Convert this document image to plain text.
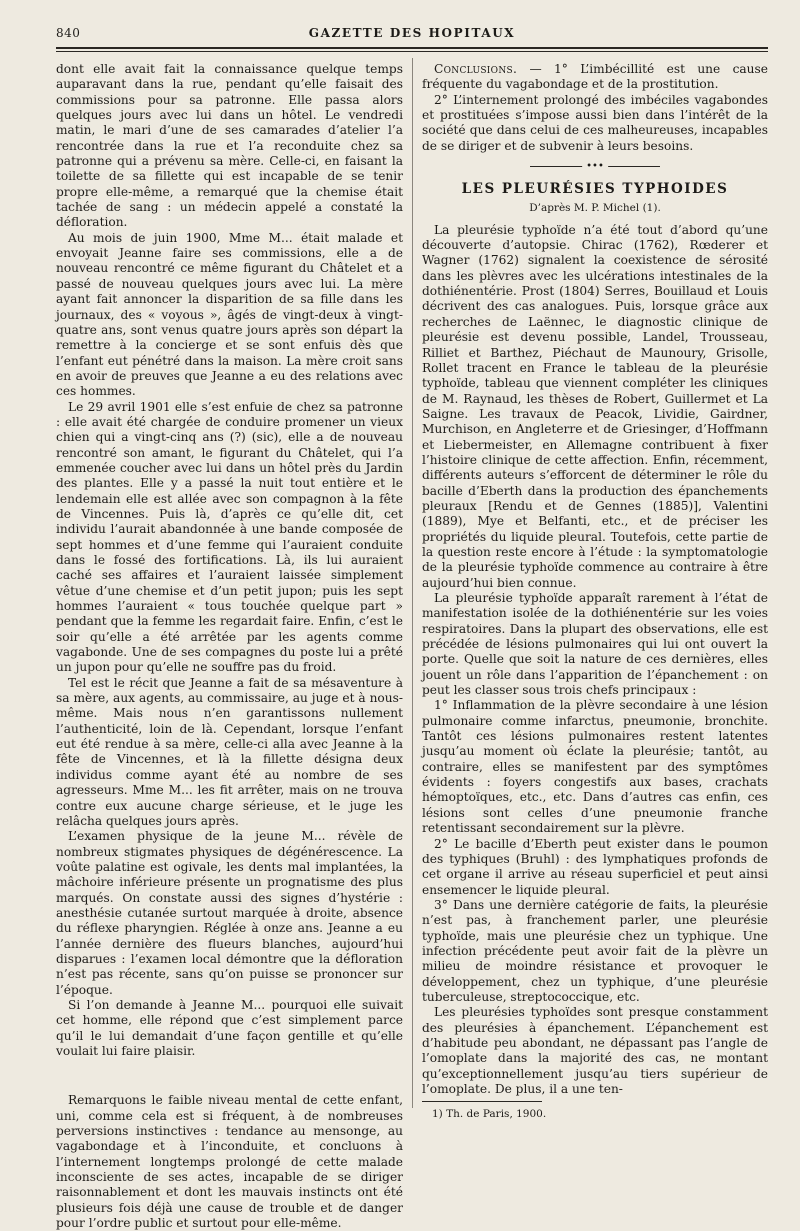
840	GAZETTE DES HOPITAUX

dont elle avait fait la connaissance quelque temps auparavant dans la rue, pendant qu’elle faisait des commissions pour sa patronne. Elle passa alors quelques jours avec lui dans un hôtel. Le vendredi matin, le mari d’une de ses camarades d’atelier l’a rencontrée dans la rue et l’a reconduite chez sa patronne qui a prévenu sa mère. Celle-ci, en faisant la toilette de sa fillette qui est incapable de se tenir propre elle-même, a remarqué que la chemise était tachée de sang : un médecin appelé a constaté la défloration.

Au mois de juin 1900, Mme M... était malade et envoyait Jeanne faire ses commissions, elle a de nouveau rencontré ce même figurant du Châtelet et a passé de nouveau quelques jours avec lui. La mère ayant fait annoncer la disparition de sa fille dans les journaux, des « voyous », âgés de vingt-deux à vingt-quatre ans, sont venus quatre jours après son départ la remettre à la concierge et se sont enfuis dès que l’enfant eut pénétré dans la maison. La mère croit sans en avoir de preuves que Jeanne a eu des relations avec ces hommes.

Le 29 avril 1901 elle s’est enfuie de chez sa patronne : elle avait été chargée de conduire promener un vieux chien qui a vingt-cinq ans (?) (sic), elle a de nouveau rencontré son amant, le figurant du Châtelet, qui l’a emmenée coucher avec lui dans un hôtel près du Jardin des plantes. Elle y a passé la nuit tout entière et le lendemain elle est allée avec son compagnon à la fête de Vincennes. Puis là, d’après ce qu’elle dit, cet individu l’aurait abandonnée à une bande composée de sept hommes et d’une femme qui l’auraient conduite dans le fossé des fortifications. Là, ils lui auraient caché ses affaires et l’auraient laissée simplement vêtue d’une chemise et d’un petit jupon; puis les sept hommes l’auraient « tous touchée quelque part » pendant que la femme les regardait faire. Enfin, c’est le soir qu’elle a été arrêtée par les agents comme vagabonde. Une de ses compagnes du poste lui a prêté un jupon pour qu’elle ne souffre pas du froid.

Tel est le récit que Jeanne a fait de sa mésaventure à sa mère, aux agents, au commissaire, au juge et à nous-même. Mais nous n’en garantissons nullement l’authenticité, loin de là. Cependant, lorsque l’enfant eut été rendue à sa mère, celle-ci alla avec Jeanne à la fête de Vincennes, et là la fillette désigna deux individus comme ayant été au nombre de ses agresseurs. Mme M... les fit arrêter, mais on ne trouva contre eux aucune charge sérieuse, et le juge les relâcha quelques jours après.

L’examen physique de la jeune M... révèle de nombreux stigmates physiques de dégénérescence. La voûte palatine est ogivale, les dents mal implantées, la mâchoire inférieure présente un prognatisme des plus marqués. On constate aussi des signes d’hystérie : anesthésie cutanée surtout marquée à droite, absence du réflexe pharyngien. Réglée à onze ans. Jeanne a eu l’année dernière des flueurs blanches, aujourd’hui disparues : l’examen local démontre que la défloration n’est pas récente, sans qu’on puisse se prononcer sur l’époque.

Si l’on demande à Jeanne M... pourquoi elle suivait cet homme, elle répond que c’est simplement parce qu’il le lui demandait d’une façon gentille et qu’elle voulait lui faire plaisir.

Remarquons le faible niveau mental de cette enfant, uni, comme cela est si fréquent, à de nombreuses perversions instinctives : tendance au mensonge, au vagabondage et à l’inconduite, et concluons à l’internement longtemps prolongé de cette malade inconsciente de ses actes, incapable de se diriger raisonnablement et dont les mauvais instincts ont été plusieurs fois déjà une cause de trouble et de danger pour l’ordre public et surtout pour elle-même.

Conclusions. — 1° L’imbécillité est une cause fréquente du vagabondage et de la prostitution.

2° L’internement prolongé des imbéciles vagabondes et prostituées s’impose aussi bien dans l’intérêt de la société que dans celui de ces malheureuses, incapables de se diriger et de subvenir à leurs besoins.

•••
LES PLEURÉSIES TYPHOIDES
D’après M. P. Michel (1).

La pleurésie typhoïde n’a été tout d’abord qu’une découverte d’autopsie. Chirac (1762), Rœderer et Wagner (1762) signalent la coexistence de sérosité dans les plèvres avec les ulcérations intestinales de la dothiénentérie. Prost (1804) Serres, Bouillaud et Louis décrivent des cas analogues. Puis, lorsque grâce aux recherches de Laënnec, le diagnostic clinique de pleurésie est devenu possible, Landel, Trousseau, Rilliet et Barthez, Piéchaut de Maunoury, Grisolle, Rollet tracent en France le tableau de la pleurésie typhoïde, tableau que viennent compléter les cliniques de M. Raynaud, les thèses de Robert, Guillermet et La Saigne. Les travaux de Peacok, Lividie, Gairdner, Murchison, en Angleterre et de Griesinger, d’Hoffmann et Liebermeister, en Allemagne contribuent à fixer l’histoire clinique de cette affection. Enfin, récemment, différents auteurs s’efforcent de déterminer le rôle du bacille d’Eberth dans la production des épanchements pleuraux [Rendu et de Gennes (1885)], Valentini (1889), Mye et Belfanti, etc., et de préciser les propriétés du liquide pleural. Toutefois, cette partie de la question reste encore à l’étude : la symptomatologie de la pleurésie typhoïde commence au contraire à être aujourd’hui bien connue.

La pleurésie typhoïde apparaît rarement à l’état de manifestation isolée de la dothiénentérie sur les voies respiratoires. Dans la plupart des observations, elle est précédée de lésions pulmonaires qui lui ont ouvert la porte. Quelle que soit la nature de ces dernières, elles jouent un rôle dans l’apparition de l’épanchement : on peut les classer sous trois chefs principaux :

1° Inflammation de la plèvre secondaire à une lésion pulmonaire comme infarctus, pneumonie, bronchite. Tantôt ces lésions pulmonaires restent latentes jusqu’au moment où éclate la pleurésie; tantôt, au contraire, elles se manifestent par des symptômes évidents : foyers congestifs aux bases, crachats hémoptoïques, etc., etc. Dans d’autres cas enfin, ces lésions sont celles d’une pneumonie franche retentissant secondairement sur la plèvre.

2° Le bacille d’Eberth peut exister dans le poumon des typhiques (Bruhl) : des lymphatiques profonds de cet organe il arrive au réseau superficiel et peut ainsi ensemencer le liquide pleural.

3° Dans une dernière catégorie de faits, la pleurésie n’est pas, à franchement parler, une pleurésie typhoïde, mais une pleurésie chez un typhique. Une infection précédente peut avoir fait de la plèvre un milieu de moindre résistance et provoquer le développement, chez un typhique, d’une pleurésie tuberculeuse, streptococcique, etc.

Les pleurésies typhoïdes sont presque constamment des pleurésies à épanchement. L’épanchement est d’habitude peu abondant, ne dépassant pas l’angle de l’omoplate dans la majorité des cas, ne montant qu’exceptionnellement jusqu’au tiers supérieur de l’omoplate. De plus, il a une ten-

1) Th. de Paris, 1900.
